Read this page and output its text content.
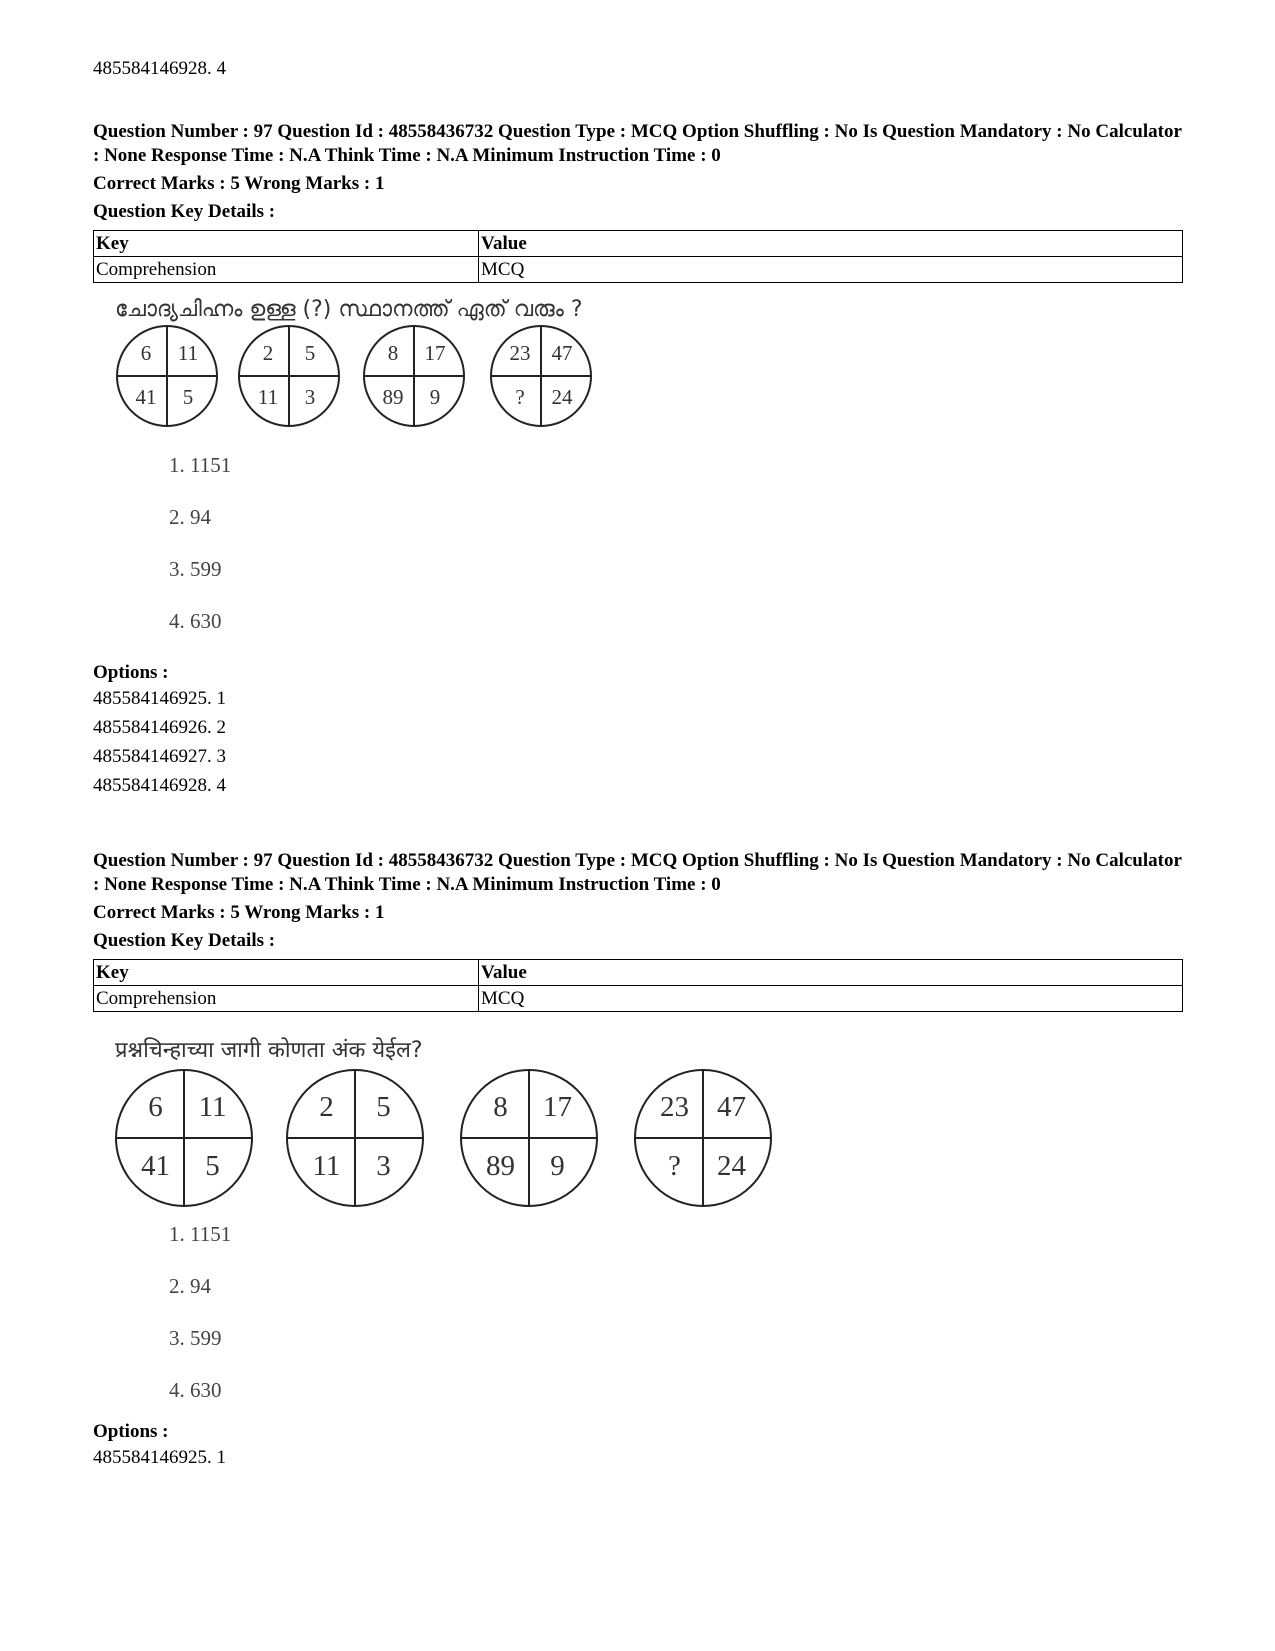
485584146928. 4

Question Number : 97 Question Id : 48558436732 Question Type : MCQ Option Shuffling : No Is Question Mandatory : No Calculator : None Response Time : N.A Think Time : N.A Minimum Instruction Time : 0

Correct Marks : 5 Wrong Marks : 1

Question Key Details :

Key	Value
Comprehension	MCQ
ചോദ്യചിഹ്നം ഉള്ള (?) സ്ഥാനത്ത് ഏത് വരും ?
6 11
41 5
2 5
11 3
8 17
89 9
23 47
? 24
1. 1151
2. 94
3. 599
4. 630
Options :
485584146925. 1
485584146926. 2
485584146927. 3
485584146928. 4

Question Number : 97 Question Id : 48558436732 Question Type : MCQ Option Shuffling : No Is Question Mandatory : No Calculator : None Response Time : N.A Think Time : N.A Minimum Instruction Time : 0

Correct Marks : 5 Wrong Marks : 1

Question Key Details :

Key	Value
Comprehension	MCQ
प्रश्नचिन्हाच्या जागी कोणता अंक येईल?
6 11
41 5
2 5
11 3
8 17
89 9
23 47
? 24
1. 1151
2. 94
3. 599
4. 630
Options :
485584146925. 1
